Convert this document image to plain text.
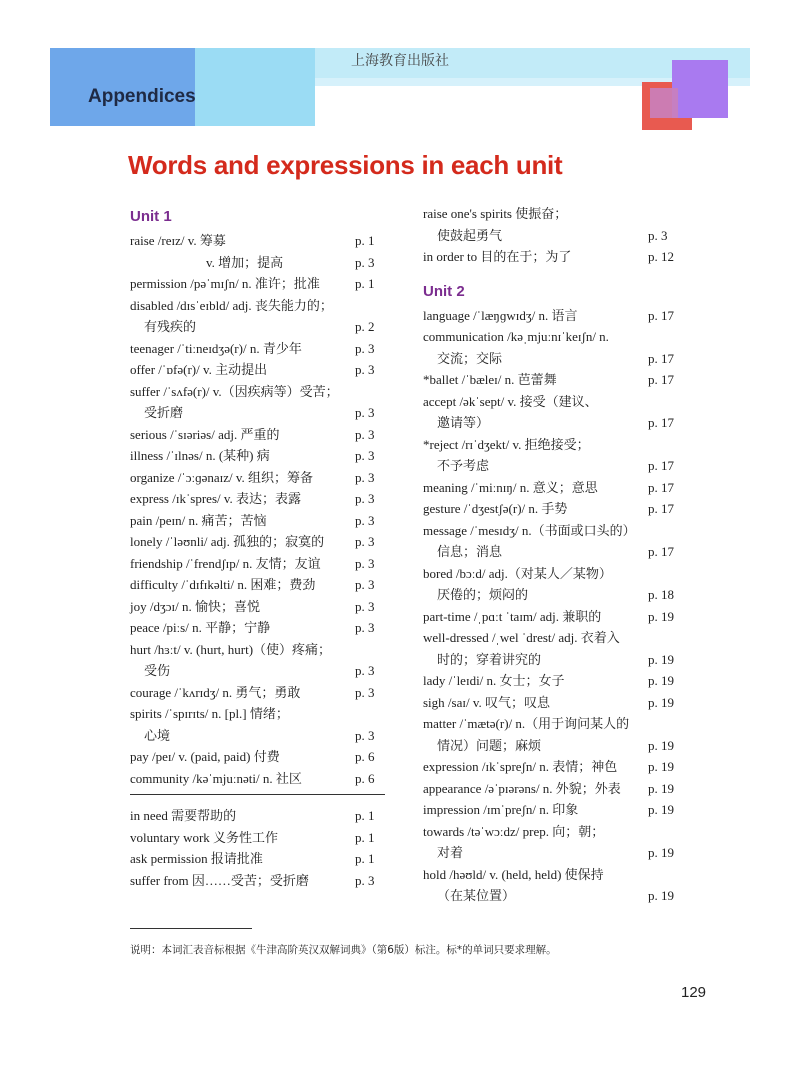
上海教育出版社
Appendices
Words and expressions in each unit
Unit 1
raise /reɪz/ v. 筹募	p. 1
v. 增加；提高	p. 3
permission /pəˈmɪʃn/ n. 准许；批准	p. 1
disabled /dɪsˈeɪbld/ adj. 丧失能力的；
有残疾的	p. 2
teenager /ˈtiːneɪdʒə(r)/ n. 青少年	p. 3
offer /ˈɒfə(r)/ v. 主动提出	p. 3
suffer /ˈsʌfə(r)/ v.（因疾病等）受苦；
受折磨	p. 3
serious /ˈsɪəriəs/ adj. 严重的	p. 3
illness /ˈɪlnəs/ n. (某种) 病	p. 3
organize /ˈɔːɡənaɪz/ v. 组织；筹备	p. 3
express /ɪkˈspres/ v. 表达；表露	p. 3
pain /peɪn/ n. 痛苦；苦恼	p. 3
lonely /ˈləʊnli/ adj. 孤独的；寂寞的 p. 3
friendship /ˈfrendʃɪp/ n. 友情；友谊	p. 3
difficulty /ˈdɪfɪkəlti/ n. 困难；费劲	p. 3
joy /dʒɔɪ/ n. 愉快；喜悦	p. 3
peace /piːs/ n. 平静；宁静	p. 3
hurt /hɜːt/ v. (hurt, hurt)（使）疼痛；
受伤	p. 3
courage /ˈkʌrɪdʒ/ n. 勇气；勇敢	p. 3
spirits /ˈspɪrɪts/ n. [pl.] 情绪；
心境	p. 3
pay /peɪ/ v. (paid, paid) 付费	p. 6
community /kəˈmjuːnəti/ n. 社区	p. 6
in need 需要帮助的	p. 1
voluntary work 义务性工作	p. 1
ask permission 报请批准	p. 1
suffer from 因……受苦；受折磨	p. 3
raise one's spirits 使振奋；
使鼓起勇气	p. 3
in order to 目的在于；为了	p. 12
Unit 2
language /ˈlæŋɡwɪdʒ/ n. 语言	p. 17
communication /kəˌmjuːnɪˈkeɪʃn/ n.
交流；交际	p. 17
*ballet /ˈbæleɪ/ n. 芭蕾舞	p. 17
accept /əkˈsept/ v. 接受（建议、
邀请等）	p. 17
*reject /rɪˈdʒekt/ v. 拒绝接受；
不予考虑	p. 17
meaning /ˈmiːnɪŋ/ n. 意义；意思	p. 17
gesture /ˈdʒestʃə(r)/ n. 手势	p. 17
message /ˈmesɪdʒ/ n.（书面或口头的）
信息；消息	p. 17
bored /bɔːd/ adj.（对某人／某物）
厌倦的；烦闷的	p. 18
part-time /ˌpɑːt ˈtaɪm/ adj. 兼职的	p. 19
well-dressed /ˌwel ˈdrest/ adj. 衣着入
时的；穿着讲究的	p. 19
lady /ˈleɪdi/ n. 女士；女子	p. 19
sigh /saɪ/ v. 叹气；叹息	p. 19
matter /ˈmætə(r)/ n.（用于询问某人的
情况）问题；麻烦	p. 19
expression /ɪkˈspreʃn/ n. 表情；神色 p. 19
appearance /əˈpɪərəns/ n. 外貌；外表 p. 19
impression /ɪmˈpreʃn/ n. 印象	p. 19
towards /təˈwɔːdz/ prep. 向；朝；
对着	p. 19
hold /həʊld/ v. (held, held) 使保持
（在某位置）	p. 19
说明：本词汇表音标根据《牛津高阶英汉双解词典》（第6版）标注。标*的单词只要求理解。
129
